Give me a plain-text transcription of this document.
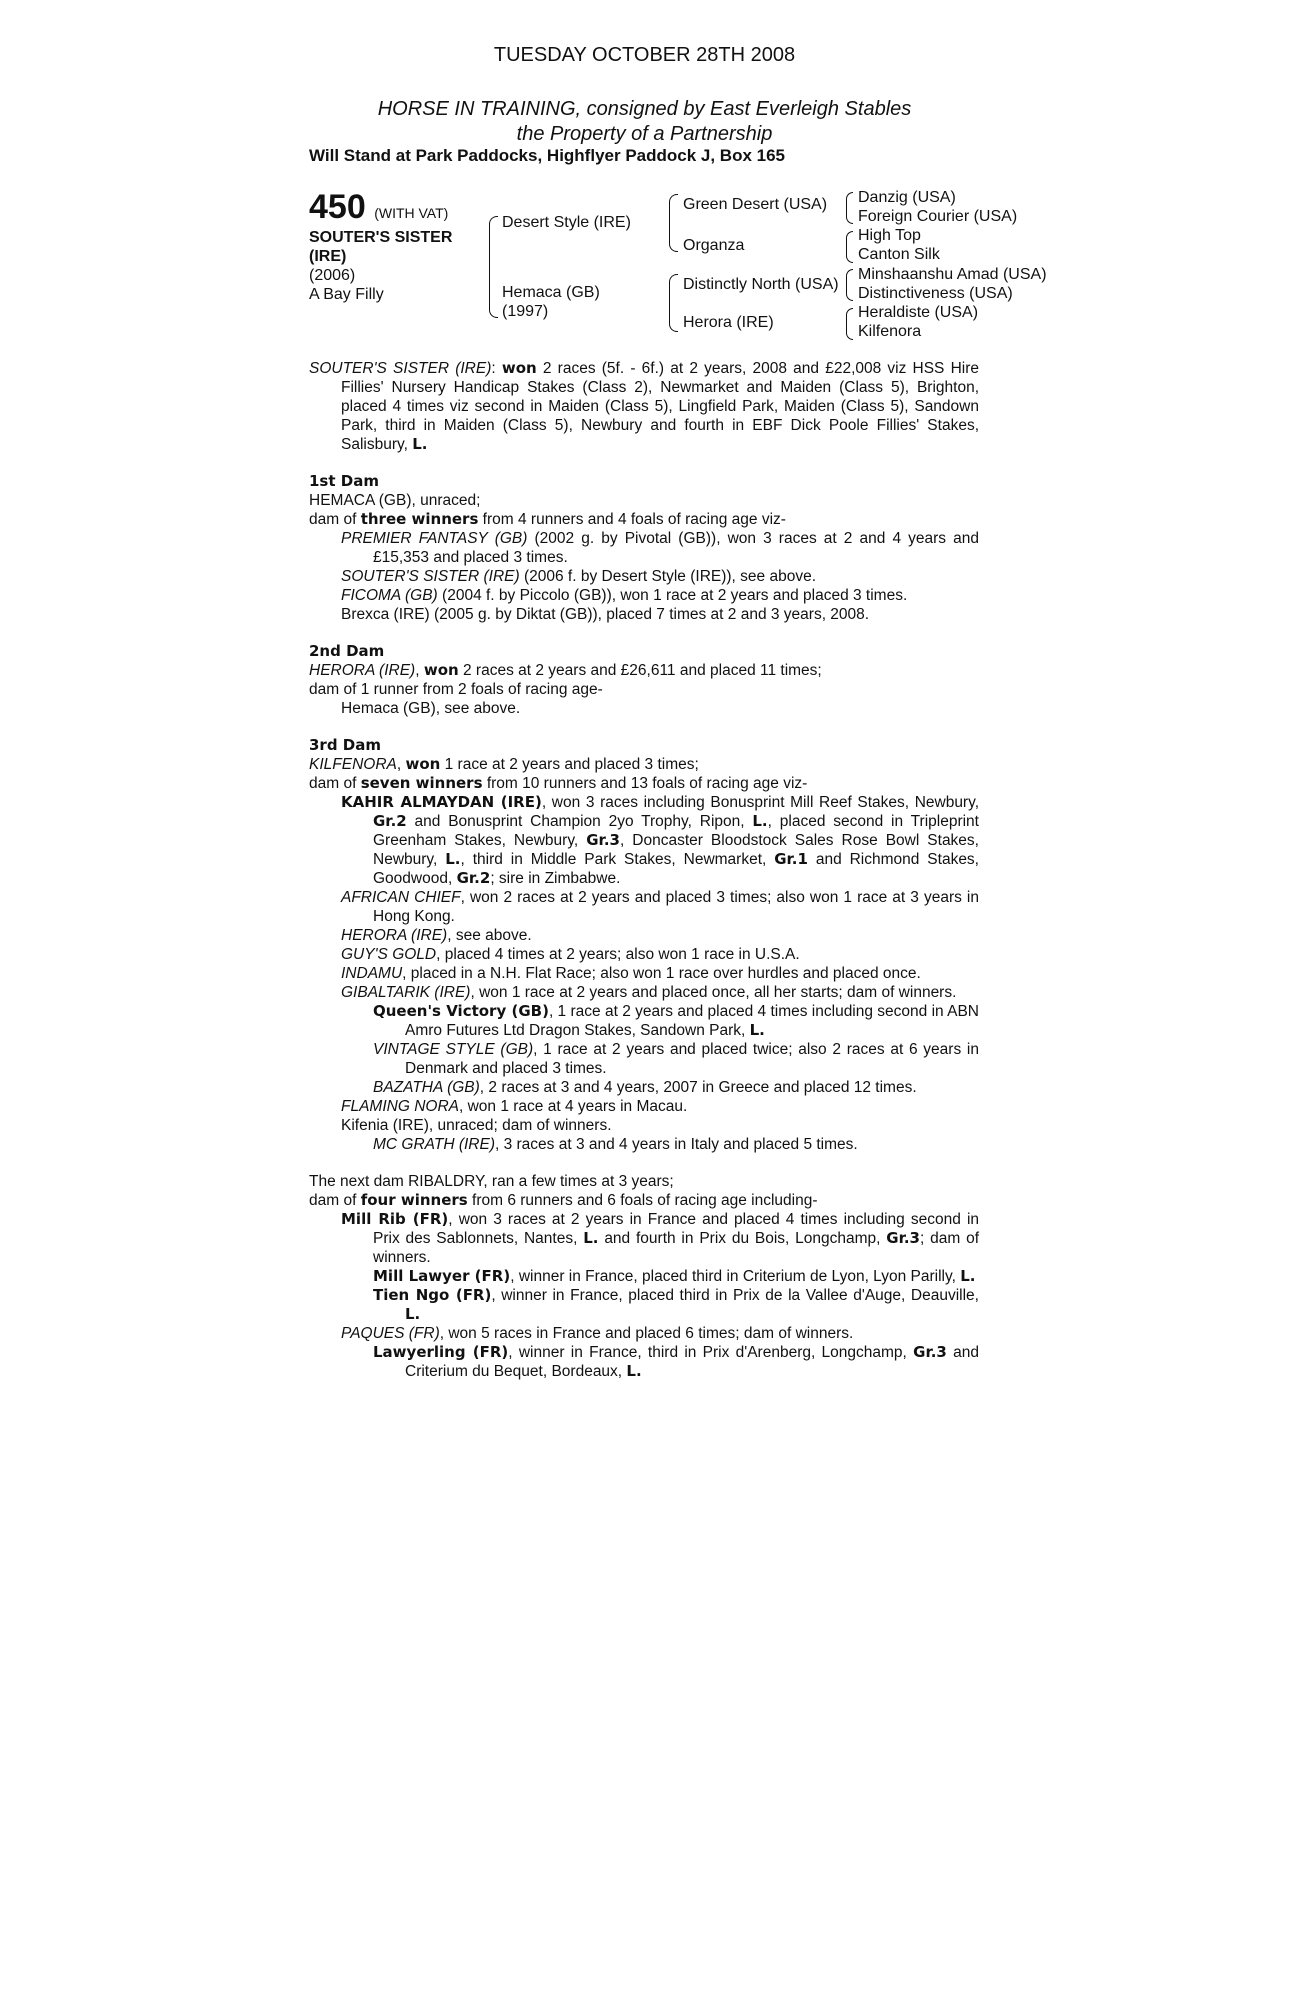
TUESDAY OCTOBER 28TH 2008
HORSE IN TRAINING, consigned by East Everleigh Stables
the Property of a Partnership
Will Stand at Park Paddocks, Highflyer Paddock J, Box 165
450 (WITH VAT)
SOUTER'S SISTER
(IRE)
(2006)
A Bay Filly
Desert Style (IRE)
Hemaca (GB)
(1997)
Green Desert (USA)
Organza
Distinctly North (USA)
Herora (IRE)
Danzig (USA)
Foreign Courier (USA)
High Top
Canton Silk
Minshaanshu Amad (USA)
Distinctiveness (USA)
Heraldiste (USA)
Kilfenora

SOUTER'S SISTER (IRE): won 2 races (5f. - 6f.) at 2 years, 2008 and £22,008 viz HSS Hire Fillies' Nursery Handicap Stakes (Class 2), Newmarket and Maiden (Class 5), Brighton, placed 4 times viz second in Maiden (Class 5), Lingfield Park, Maiden (Class 5), Sandown Park, third in Maiden (Class 5), Newbury and fourth in EBF Dick Poole Fillies' Stakes, Salisbury, L.

1st Dam

HEMACA (GB), unraced;

dam of three winners from 4 runners and 4 foals of racing age viz-

PREMIER FANTASY (GB) (2002 g. by Pivotal (GB)), won 3 races at 2 and 4 years and £15,353 and placed 3 times.

SOUTER'S SISTER (IRE) (2006 f. by Desert Style (IRE)), see above.

FICOMA (GB) (2004 f. by Piccolo (GB)), won 1 race at 2 years and placed 3 times.

Brexca (IRE) (2005 g. by Diktat (GB)), placed 7 times at 2 and 3 years, 2008.

2nd Dam

HERORA (IRE), won 2 races at 2 years and £26,611 and placed 11 times;

dam of 1 runner from 2 foals of racing age-

Hemaca (GB), see above.

3rd Dam

KILFENORA, won 1 race at 2 years and placed 3 times;

dam of seven winners from 10 runners and 13 foals of racing age viz-

KAHIR ALMAYDAN (IRE), won 3 races including Bonusprint Mill Reef Stakes, Newbury, Gr.2 and Bonusprint Champion 2yo Trophy, Ripon, L., placed second in Tripleprint Greenham Stakes, Newbury, Gr.3, Doncaster Bloodstock Sales Rose Bowl Stakes, Newbury, L., third in Middle Park Stakes, Newmarket, Gr.1 and Richmond Stakes, Goodwood, Gr.2; sire in Zimbabwe.

AFRICAN CHIEF, won 2 races at 2 years and placed 3 times; also won 1 race at 3 years in Hong Kong.

HERORA (IRE), see above.

GUY'S GOLD, placed 4 times at 2 years; also won 1 race in U.S.A.

INDAMU, placed in a N.H. Flat Race; also won 1 race over hurdles and placed once.

GIBALTARIK (IRE), won 1 race at 2 years and placed once, all her starts; dam of winners.

Queen's Victory (GB), 1 race at 2 years and placed 4 times including second in ABN Amro Futures Ltd Dragon Stakes, Sandown Park, L.

VINTAGE STYLE (GB), 1 race at 2 years and placed twice; also 2 races at 6 years in Denmark and placed 3 times.

BAZATHA (GB), 2 races at 3 and 4 years, 2007 in Greece and placed 12 times.

FLAMING NORA, won 1 race at 4 years in Macau.

Kifenia (IRE), unraced; dam of winners.

MC GRATH (IRE), 3 races at 3 and 4 years in Italy and placed 5 times.

The next dam RIBALDRY, ran a few times at 3 years;

dam of four winners from 6 runners and 6 foals of racing age including-

Mill Rib (FR), won 3 races at 2 years in France and placed 4 times including second in Prix des Sablonnets, Nantes, L. and fourth in Prix du Bois, Longchamp, Gr.3; dam of winners.

Mill Lawyer (FR), winner in France, placed third in Criterium de Lyon, Lyon Parilly, L.

Tien Ngo (FR), winner in France, placed third in Prix de la Vallee d'Auge, Deauville, L.

PAQUES (FR), won 5 races in France and placed 6 times; dam of winners.

Lawyerling (FR), winner in France, third in Prix d'Arenberg, Longchamp, Gr.3 and Criterium du Bequet, Bordeaux, L.
